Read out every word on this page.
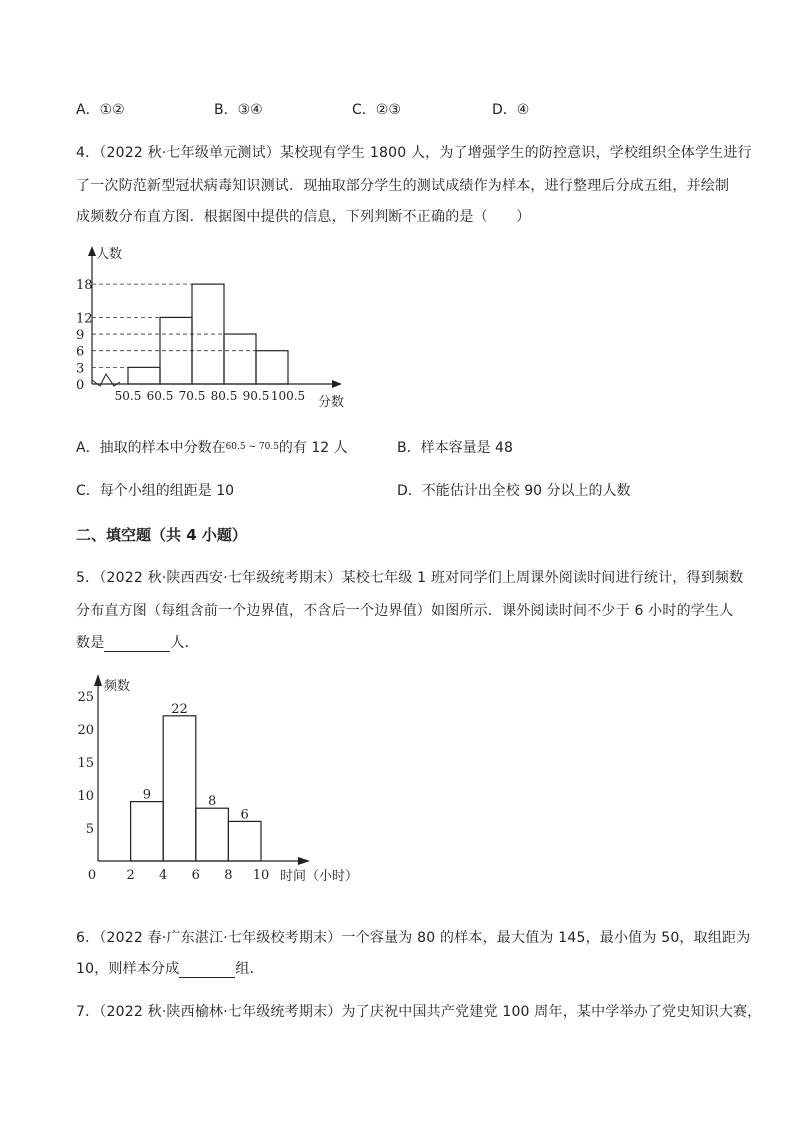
A．①②	B．③④	C．②③	D．④
4．（2022 秋·七年级单元测试）某校现有学生 1800 人，为了增强学生的防控意识，学校组织全体学生进行
了一次防范新型冠状病毒知识测试．现抽取部分学生的测试成绩作为样本，进行整理后分成五组，并绘制
成频数分布直方图．根据图中提供的信息，下列判断不正确的是（　　）
人数
分数
0
3
6
9
12
18
50.5 60.5 70.5 80.5 90.5 100.5
A．抽取的样本中分数在$^{60.5 \sim 70.5}$的有 12 人	B．样本容量是 48
C．每个小组的组距是 10	D．不能估计出全校 90 分以上的人数
二、填空题（共 4 小题）
5．（2022 秋·陕西西安·七年级统考期末）某校七年级 1 班对同学们上周课外阅读时间进行统计，得到频数
分布直方图（每组含前一个边界值，不含后一个边界值）如图所示．课外阅读时间不少于 6 小时的学生人
数是	人．
频数
时间（小时）
5
10
15
20
25
0 2 4 6 8 10
9
22
8
6
6．（2022 春·广东湛江·七年级校考期末）一个容量为 80 的样本，最大值为 145，最小值为 50，取组距为
10，则样本分成	组．
7．（2022 秋·陕西榆林·七年级统考期末）为了庆祝中国共产党建党 100 周年，某中学举办了党史知识大赛，
